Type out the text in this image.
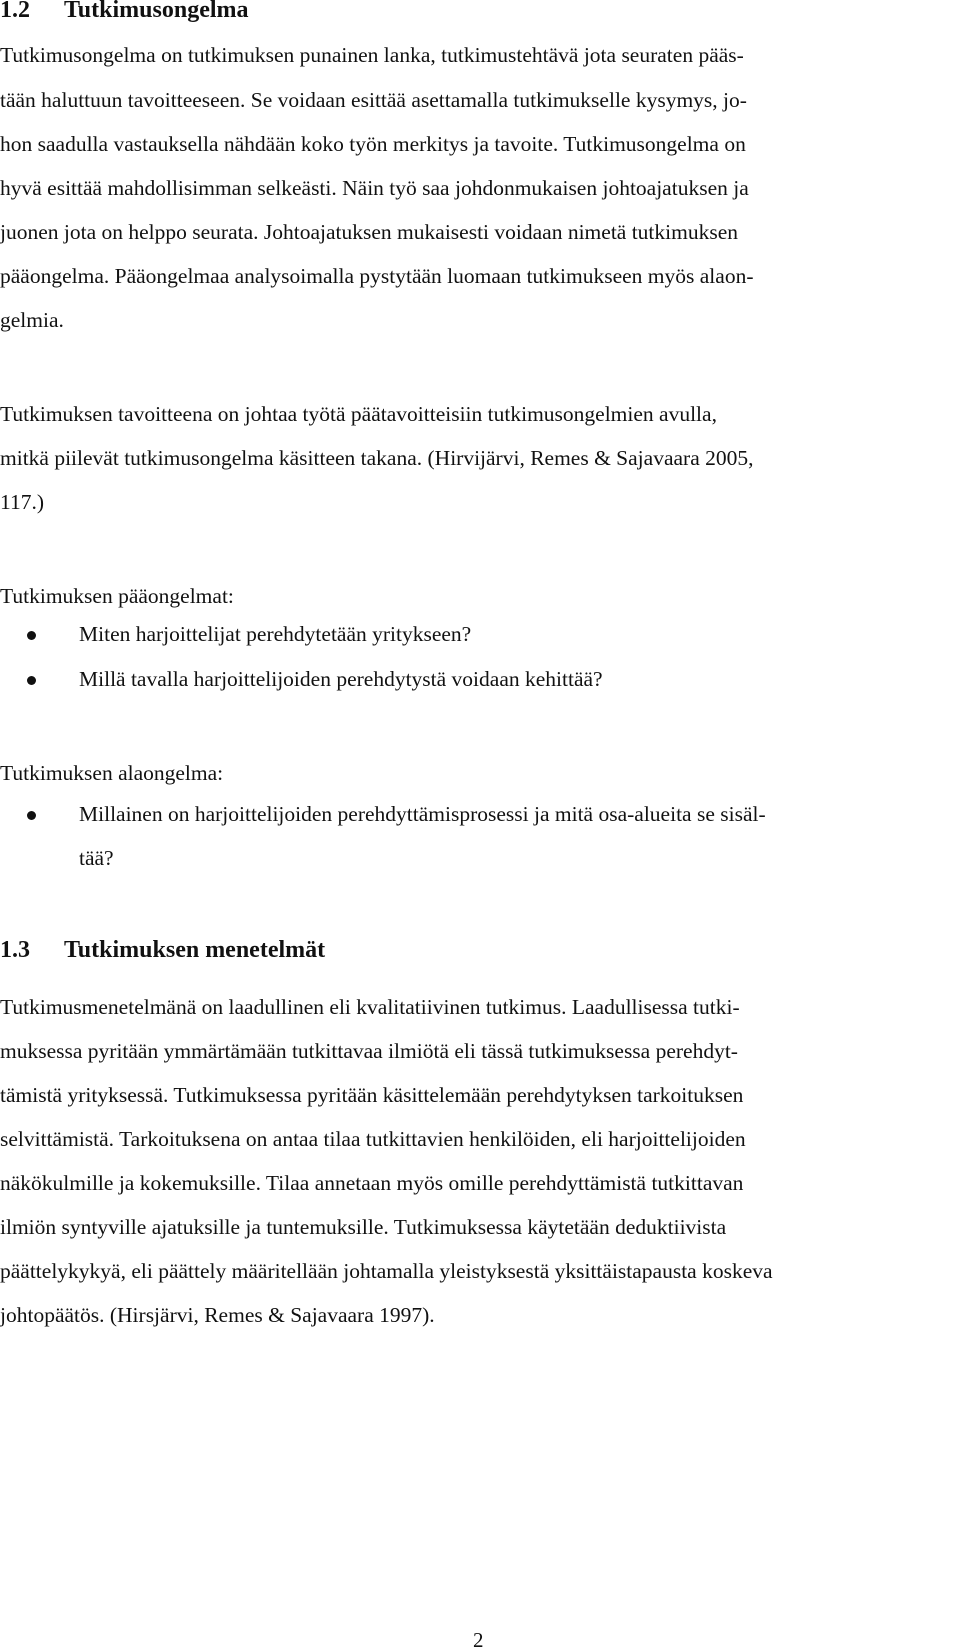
1.2 Tutkimusongelma
Tutkimusongelma on tutkimuksen punainen lanka, tutkimustehtävä jota seuraten pääs-
tään haluttuun tavoitteeseen. Se voidaan esittää asettamalla tutkimukselle kysymys, jo-
hon saadulla vastauksella nähdään koko työn merkitys ja tavoite. Tutkimusongelma on
hyvä esittää mahdollisimman selkeästi. Näin työ saa johdonmukaisen johtoajatuksen ja
juonen jota on helppo seurata. Johtoajatuksen mukaisesti voidaan nimetä tutkimuksen
pääongelma. Pääongelmaa analysoimalla pystytään luomaan tutkimukseen myös alaon-
gelmia.
Tutkimuksen tavoitteena on johtaa työtä päätavoitteisiin tutkimusongelmien avulla,
mitkä piilevät tutkimusongelma käsitteen takana. (Hirvijärvi, Remes & Sajavaara 2005,
117.)
Tutkimuksen pääongelmat:
Miten harjoittelijat perehdytetään yritykseen?
Millä tavalla harjoittelijoiden perehdytystä voidaan kehittää?
Tutkimuksen alaongelma:
Millainen on harjoittelijoiden perehdyttämisprosessi ja mitä osa-alueita se sisäl-
tää?
1.3 Tutkimuksen menetelmät
Tutkimusmenetelmänä on laadullinen eli kvalitatiivinen tutkimus. Laadullisessa tutki-
muksessa pyritään ymmärtämään tutkittavaa ilmiötä eli tässä tutkimuksessa perehdyt-
tämistä yrityksessä. Tutkimuksessa pyritään käsittelemään perehdytyksen tarkoituksen
selvittämistä. Tarkoituksena on antaa tilaa tutkittavien henkilöiden, eli harjoittelijoiden
näkökulmille ja kokemuksille. Tilaa annetaan myös omille perehdyttämistä tutkittavan
ilmiön syntyville ajatuksille ja tuntemuksille. Tutkimuksessa käytetään deduktiivista
päättelykykyä, eli päättely määritellään johtamalla yleistyksestä yksittäistapausta koskeva
johtopäätös. (Hirsjärvi, Remes & Sajavaara 1997).
2
